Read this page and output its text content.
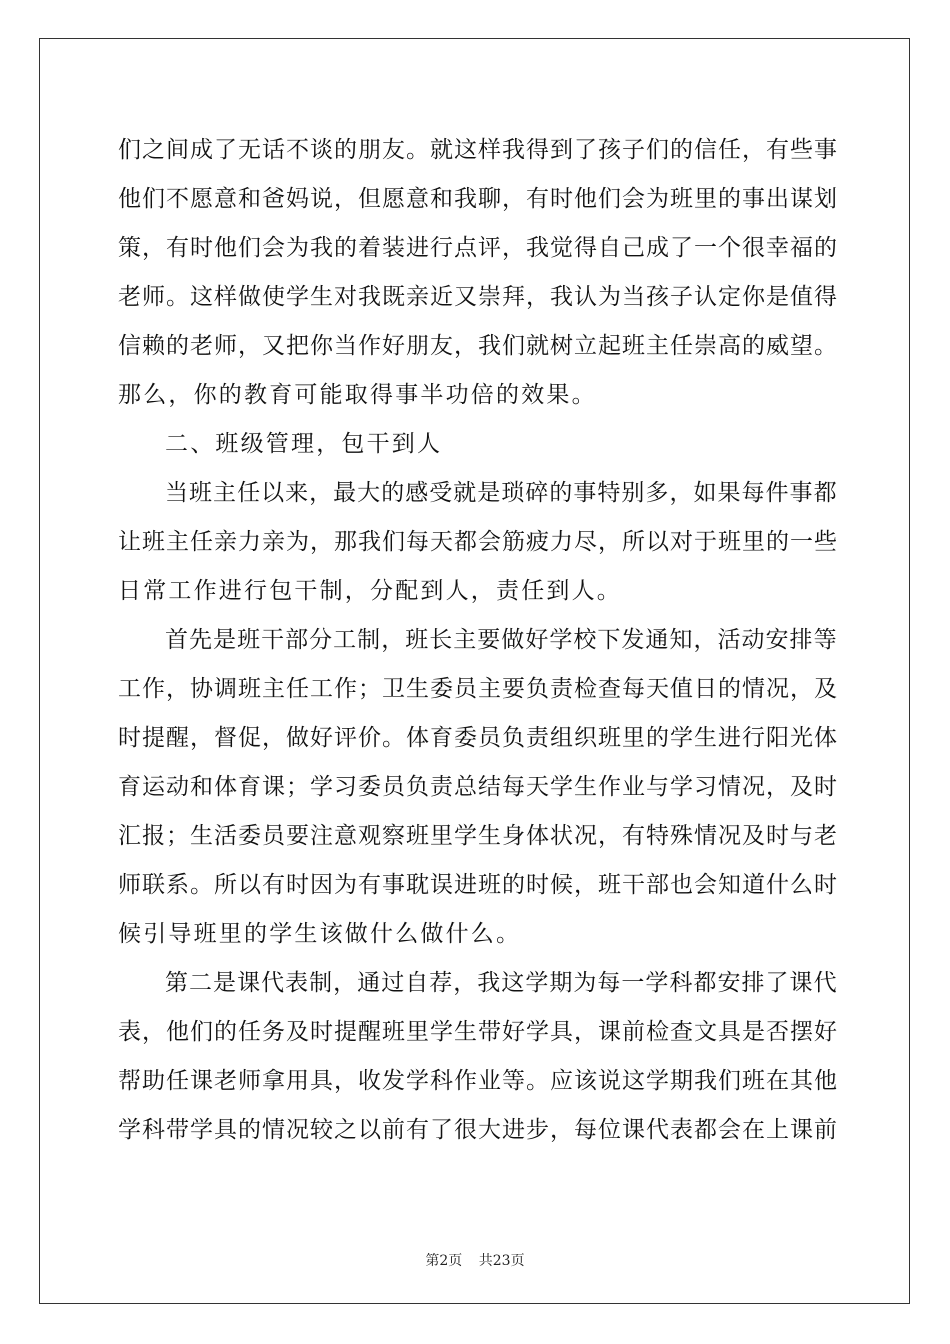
们之间成了无话不谈的朋友。就这样我得到了孩子们的信任，有些事
他们不愿意和爸妈说，但愿意和我聊，有时他们会为班里的事出谋划
策，有时他们会为我的着装进行点评，我觉得自己成了一个很幸福的
老师。这样做使学生对我既亲近又崇拜，我认为当孩子认定你是值得
信赖的老师，又把你当作好朋友，我们就树立起班主任崇高的威望。
那么，你的教育可能取得事半功倍的效果。
二、班级管理，包干到人
当班主任以来，最大的感受就是琐碎的事特别多，如果每件事都
让班主任亲力亲为，那我们每天都会筋疲力尽，所以对于班里的一些
日常工作进行包干制，分配到人，责任到人。
首先是班干部分工制，班长主要做好学校下发通知，活动安排等
工作，协调班主任工作；卫生委员主要负责检查每天值日的情况，及
时提醒，督促，做好评价。体育委员负责组织班里的学生进行阳光体
育运动和体育课；学习委员负责总结每天学生作业与学习情况，及时
汇报；生活委员要注意观察班里学生身体状况，有特殊情况及时与老
师联系。所以有时因为有事耽误进班的时候，班干部也会知道什么时
候引导班里的学生该做什么做什么。
第二是课代表制，通过自荐，我这学期为每一学科都安排了课代
表，他们的任务及时提醒班里学生带好学具，课前检查文具是否摆好
帮助任课老师拿用具，收发学科作业等。应该说这学期我们班在其他
学科带学具的情况较之以前有了很大进步，每位课代表都会在上课前
第2页 共23页
